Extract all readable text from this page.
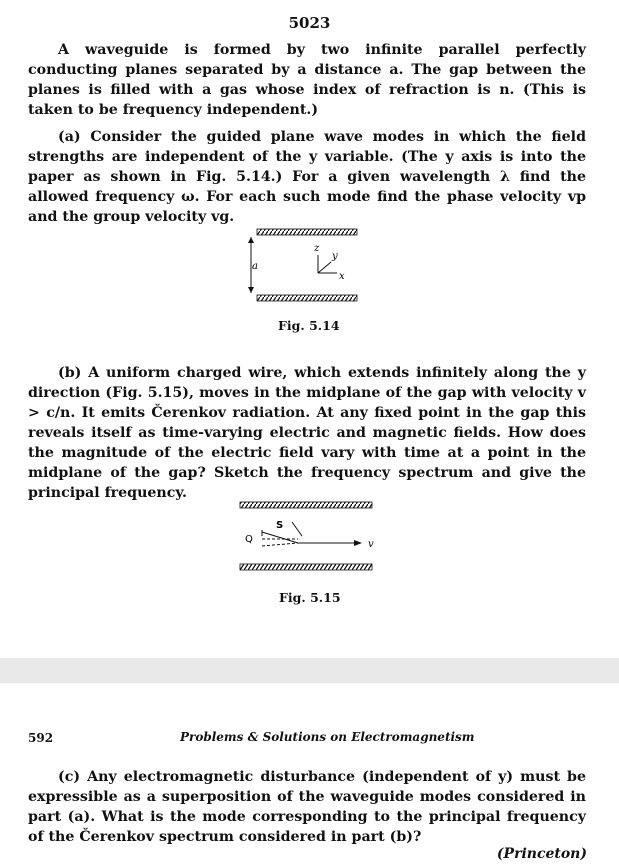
5023

A waveguide is formed by two infinite parallel perfectly conducting planes separated by a distance a. The gap between the planes is filled with a gas whose index of refraction is n. (This is taken to be frequency independent.)

(a) Consider the guided plane wave modes in which the field strengths are independent of the y variable. (The y axis is into the paper as shown in Fig. 5.14.) For a given wavelength λ find the allowed frequency ω. For each such mode find the phase velocity vp and the group velocity vg.

a
z
y
x
Fig. 5.14

(b) A uniform charged wire, which extends infinitely along the y direction (Fig. 5.15), moves in the midplane of the gap with velocity v > c/n. It emits Čerenkov radiation. At any fixed point in the gap this reveals itself as time-varying electric and magnetic fields. How does the magnitude of the electric field vary with time at a point in the midplane of the gap? Sketch the frequency spectrum and give the principal frequency.

S
Q	v
Fig. 5.15
592	Problems & Solutions on Electromagnetism

(c) Any electromagnetic disturbance (independent of y) must be expressible as a superposition of the waveguide modes considered in part (a). What is the mode corresponding to the principal frequency of the Čerenkov spectrum considered in part (b)?

(Princeton)
